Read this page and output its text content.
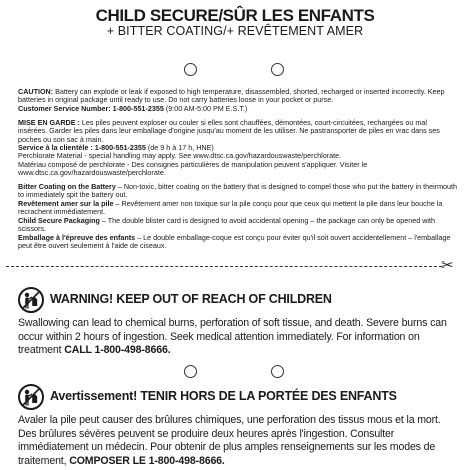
CHILD SECURE/SÛR LES ENFANTS
+ BITTER COATING/+ REVÊTEMENT AMER

CAUTION: Battery can explode or leak if exposed to high temperature, disassembled, shorted, recharged or inserted incorrectly. Keep batteries in original package until ready to use. Do not carry batteries loose in your pocket or purse.
Customer Service Number: 1-800-551-2355 (9:00 AM-5:00 PM E.S.T.)

MISE EN GARDE : Les piles peuvent exploser ou couler si elles sont chauffées, démontées, court-circuitées, rechargées ou mal insérées. Garder les piles dans leur emballage d'origine jusqu'au moment de les utiliser. Ne pastransporter de piles en vrac dans ses poches ou son sac à main.
Service à la clientèle : 1-800-551-2355 (de 9 h à 17 h, HNE)

Perchlorate Material - special handling may apply. See www.dtsc.ca.gov/hazardouswaste/perchlorate.
Matériau composé de perchlorate - Des consignes particulières de manipulation peuvent s'appliquer. Visiter le www.dtsc.ca.gov/hazardouswaste/perchlorate.

Bitter Coating on the Battery – Non-toxic, bitter coating on the battery that is designed to compel those who put the battery in theirmouth to immediately spit the battery out.
Revêtement amer sur la pile – Revêtement amer non toxique sur la pile conçu pour que ceux qui mettent la pile dans leur bouche la recrachent immédiatement.
Child Secure Packaging – The double blister card is designed to avoid accidental opening – the package can only be opened with scissors.
Emballage à l'épreuve des enfants – Le double emballage-coque est conçu pour éviter qu'il soit ouvert accidentellement – l'emballage peut être ouvert seulement à l'aide de ciseaux.

✂
WARNING! KEEP OUT OF REACH OF CHILDREN
Swallowing can lead to chemical burns, perforation of soft tissue, and death. Severe burns can occur within 2 hours of ingestion. Seek medical attention immediately. For information on treatment CALL 1-800-498-8666.
Avertissement! TENIR HORS DE LA PORTÉE DES ENFANTS
Avaler la pile peut causer des brûlures chimiques, une perforation des tissus mous et la mort. Des brûlures sévères peuvent se produire deux heures après l'ingestion. Consulter immédiatement un médecin. Pour obtenir de plus amples renseignements sur les modes de traitement, COMPOSER LE 1-800-498-8666.
